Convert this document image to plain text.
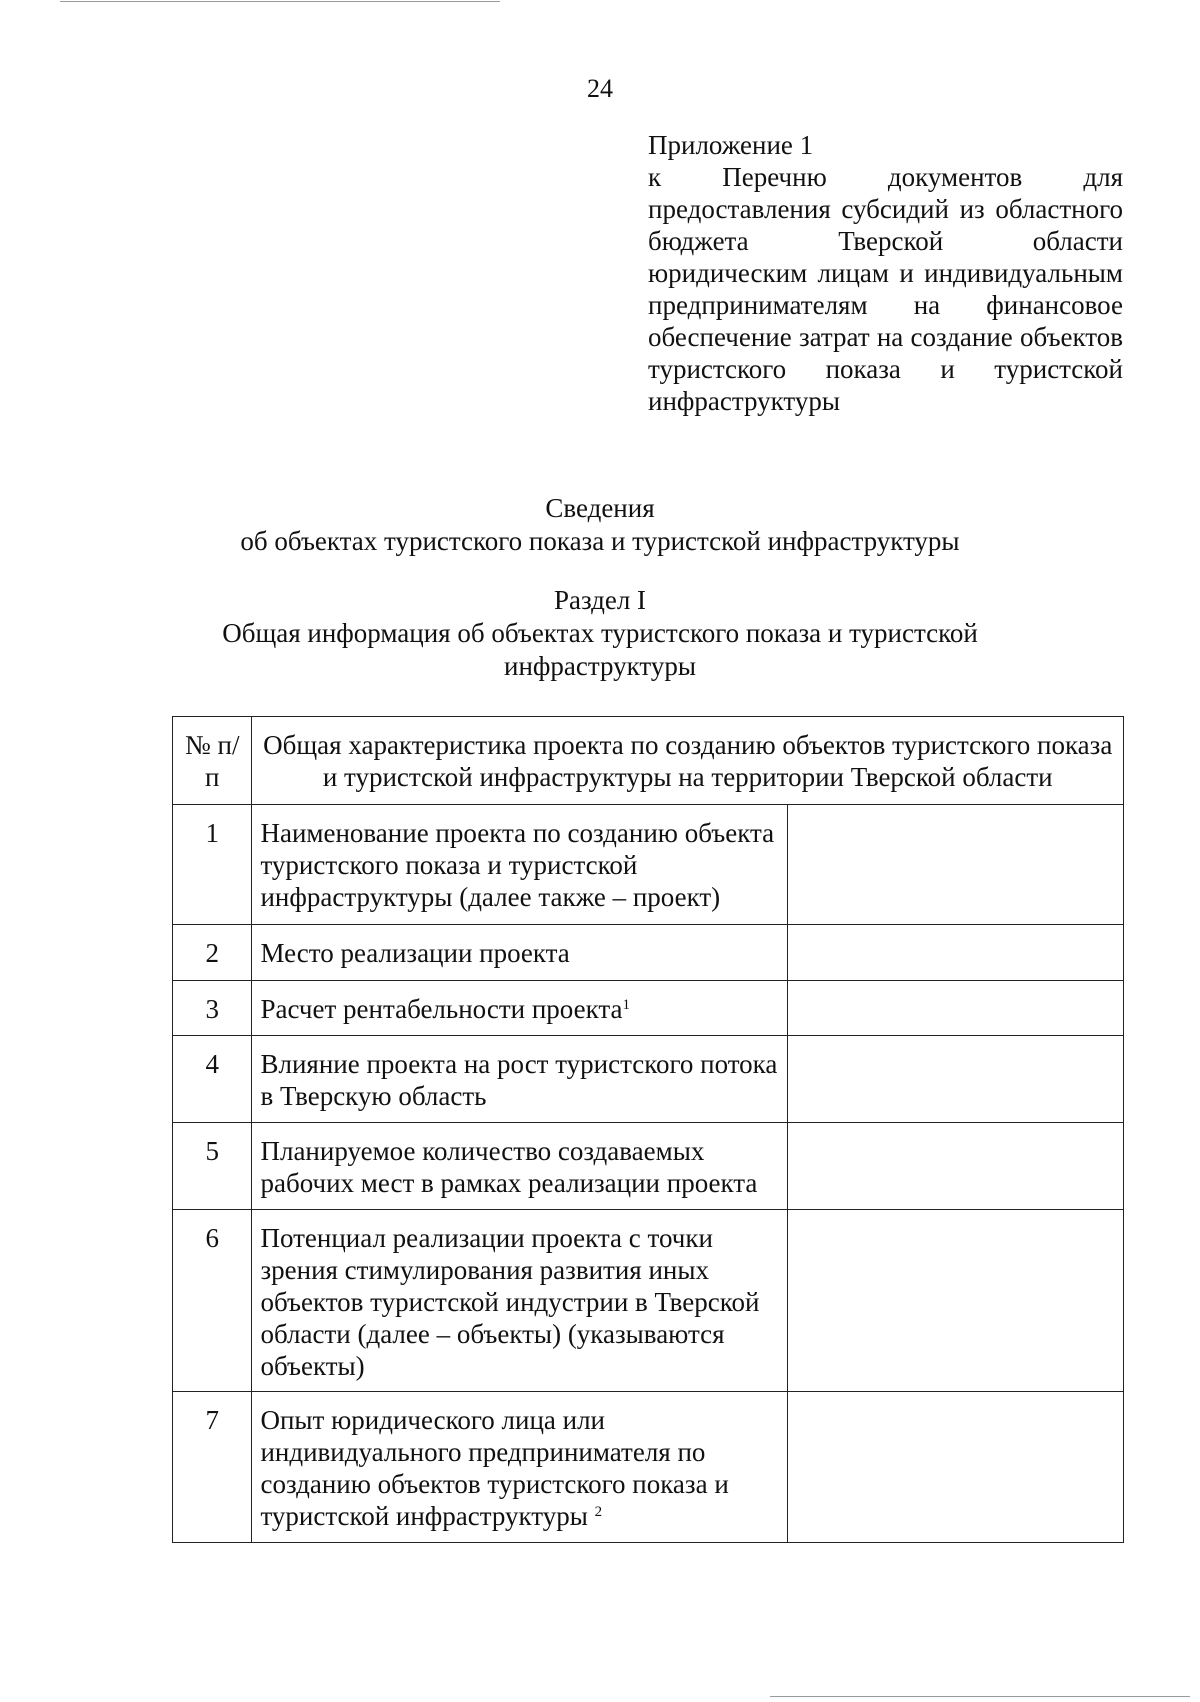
24
Приложение 1
к Перечню документов для предоставления субсидий из областного бюджета Тверской области юридическим лицам и индивидуальным предпринимателям на финансовое обеспечение затрат на создание объектов туристского показа и туристской инфраструктуры
Сведения
об объектах туристского показа и туристской инфраструктуры
Раздел I
Общая информация об объектах туристского показа и туристской
инфраструктуры
№ п/п	Общая характеристика проекта по созданию объектов туристского показа и туристской инфраструктуры на территории Тверской области	
1	Наименование проекта по созданию объекта туристского показа и туристской инфраструктуры (далее также – проект)	
2	Место реализации проекта	
3	Расчет рентабельности проекта$^1$	
4	Влияние проекта на рост туристского потока в Тверскую область	
5	Планируемое количество создаваемых рабочих мест в рамках реализации проекта	
6	Потенциал реализации проекта с точки зрения стимулирования развития иных объектов туристской индустрии в Тверской области (далее – объекты) (указываются объекты)	
7	Опыт юридического лица или индивидуального предпринимателя по созданию объектов туристского показа и туристской инфраструктуры $^2$	
